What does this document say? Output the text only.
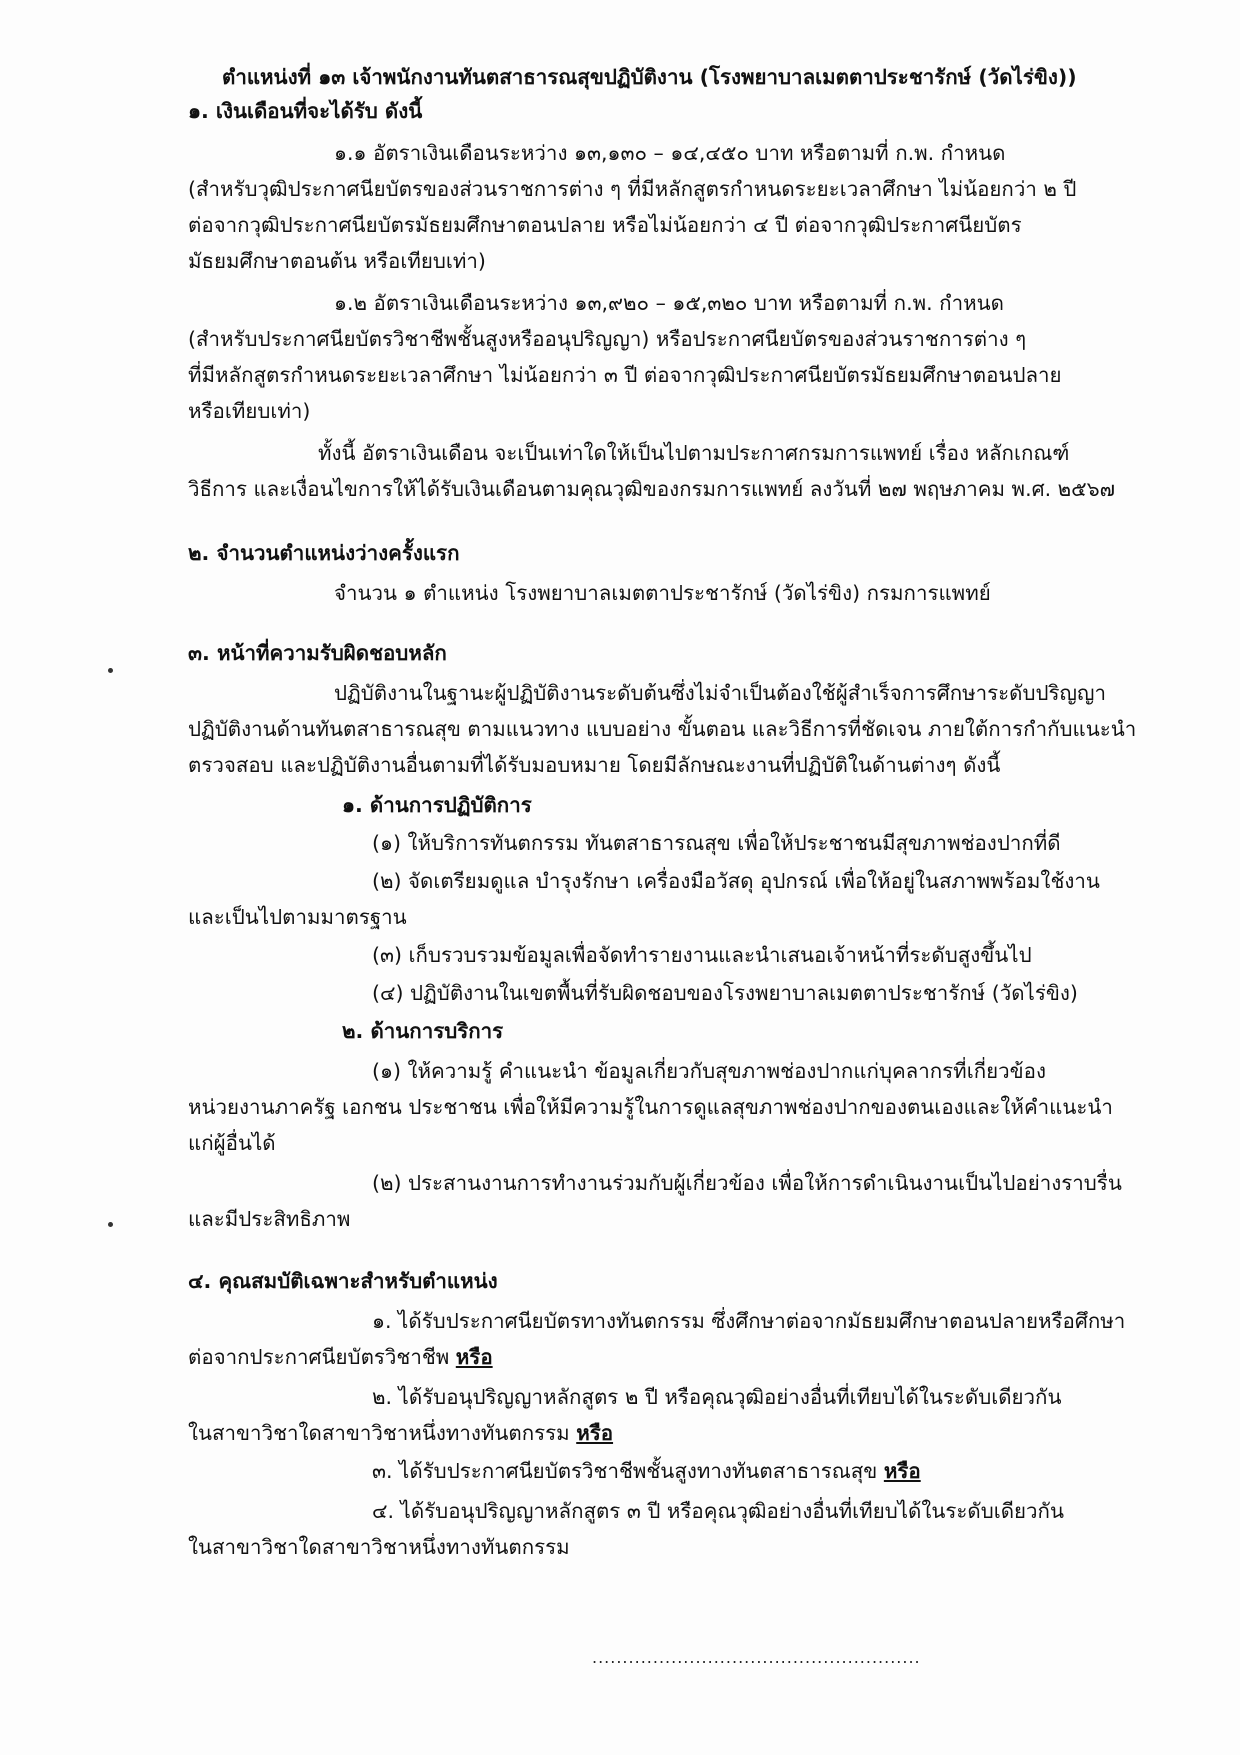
ตำแหน่งที่ ๑๓ เจ้าพนักงานทันตสาธารณสุขปฏิบัติงาน (โรงพยาบาลเมตตาประชารักษ์ (วัดไร่ขิง))

๑. เงินเดือนที่จะได้รับ ดังนี้

๑.๑ อัตราเงินเดือนระหว่าง ๑๓,๑๓๐ – ๑๔,๔๕๐ บาท หรือตามที่ ก.พ. กำหนด

(สำหรับวุฒิประกาศนียบัตรของส่วนราชการต่าง ๆ ที่มีหลักสูตรกำหนดระยะเวลาศึกษา ไม่น้อยกว่า ๒ ปี

ต่อจากวุฒิประกาศนียบัตรมัธยมศึกษาตอนปลาย หรือไม่น้อยกว่า ๔ ปี ต่อจากวุฒิประกาศนียบัตร

มัธยมศึกษาตอนต้น หรือเทียบเท่า)

๑.๒ อัตราเงินเดือนระหว่าง ๑๓,๙๒๐ – ๑๕,๓๒๐ บาท หรือตามที่ ก.พ. กำหนด

(สำหรับประกาศนียบัตรวิชาชีพชั้นสูงหรืออนุปริญญา) หรือประกาศนียบัตรของส่วนราชการต่าง ๆ

ที่มีหลักสูตรกำหนดระยะเวลาศึกษา ไม่น้อยกว่า ๓ ปี ต่อจากวุฒิประกาศนียบัตรมัธยมศึกษาตอนปลาย

หรือเทียบเท่า)

ทั้งนี้ อัตราเงินเดือน จะเป็นเท่าใดให้เป็นไปตามประกาศกรมการแพทย์ เรื่อง หลักเกณฑ์

วิธีการ และเงื่อนไขการให้ได้รับเงินเดือนตามคุณวุฒิของกรมการแพทย์ ลงวันที่ ๒๗ พฤษภาคม พ.ศ. ๒๕๖๗

๒. จำนวนตำแหน่งว่างครั้งแรก

จำนวน ๑ ตำแหน่ง โรงพยาบาลเมตตาประชารักษ์ (วัดไร่ขิง) กรมการแพทย์

๓. หน้าที่ความรับผิดชอบหลัก

ปฏิบัติงานในฐานะผู้ปฏิบัติงานระดับต้นซึ่งไม่จำเป็นต้องใช้ผู้สำเร็จการศึกษาระดับปริญญา

ปฏิบัติงานด้านทันตสาธารณสุข ตามแนวทาง แบบอย่าง ขั้นตอน และวิธีการที่ชัดเจน ภายใต้การกำกับแนะนำ

ตรวจสอบ และปฏิบัติงานอื่นตามที่ได้รับมอบหมาย โดยมีลักษณะงานที่ปฏิบัติในด้านต่างๆ ดังนี้

๑. ด้านการปฏิบัติการ

(๑) ให้บริการทันตกรรม ทันตสาธารณสุข เพื่อให้ประชาชนมีสุขภาพช่องปากที่ดี

(๒) จัดเตรียมดูแล บำรุงรักษา เครื่องมือวัสดุ อุปกรณ์ เพื่อให้อยู่ในสภาพพร้อมใช้งาน

และเป็นไปตามมาตรฐาน

(๓) เก็บรวบรวมข้อมูลเพื่อจัดทำรายงานและนำเสนอเจ้าหน้าที่ระดับสูงขึ้นไป

(๔) ปฏิบัติงานในเขตพื้นที่รับผิดชอบของโรงพยาบาลเมตตาประชารักษ์ (วัดไร่ขิง)

๒. ด้านการบริการ

(๑) ให้ความรู้ คำแนะนำ ข้อมูลเกี่ยวกับสุขภาพช่องปากแก่บุคลากรที่เกี่ยวข้อง

หน่วยงานภาครัฐ เอกชน ประชาชน เพื่อให้มีความรู้ในการดูแลสุขภาพช่องปากของตนเองและให้คำแนะนำ

แก่ผู้อื่นได้

(๒) ประสานงานการทำงานร่วมกับผู้เกี่ยวข้อง เพื่อให้การดำเนินงานเป็นไปอย่างราบรื่น

และมีประสิทธิภาพ

๔. คุณสมบัติเฉพาะสำหรับตำแหน่ง

๑. ได้รับประกาศนียบัตรทางทันตกรรม ซึ่งศึกษาต่อจากมัธยมศึกษาตอนปลายหรือศึกษา

ต่อจากประกาศนียบัตรวิชาชีพ หรือ

๒. ได้รับอนุปริญญาหลักสูตร ๒ ปี หรือคุณวุฒิอย่างอื่นที่เทียบได้ในระดับเดียวกัน

ในสาขาวิชาใดสาขาวิชาหนึ่งทางทันตกรรม หรือ

๓. ได้รับประกาศนียบัตรวิชาชีพชั้นสูงทางทันตสาธารณสุข หรือ

๔. ได้รับอนุปริญญาหลักสูตร ๓ ปี หรือคุณวุฒิอย่างอื่นที่เทียบได้ในระดับเดียวกัน

ในสาขาวิชาใดสาขาวิชาหนึ่งทางทันตกรรม

......................................................
